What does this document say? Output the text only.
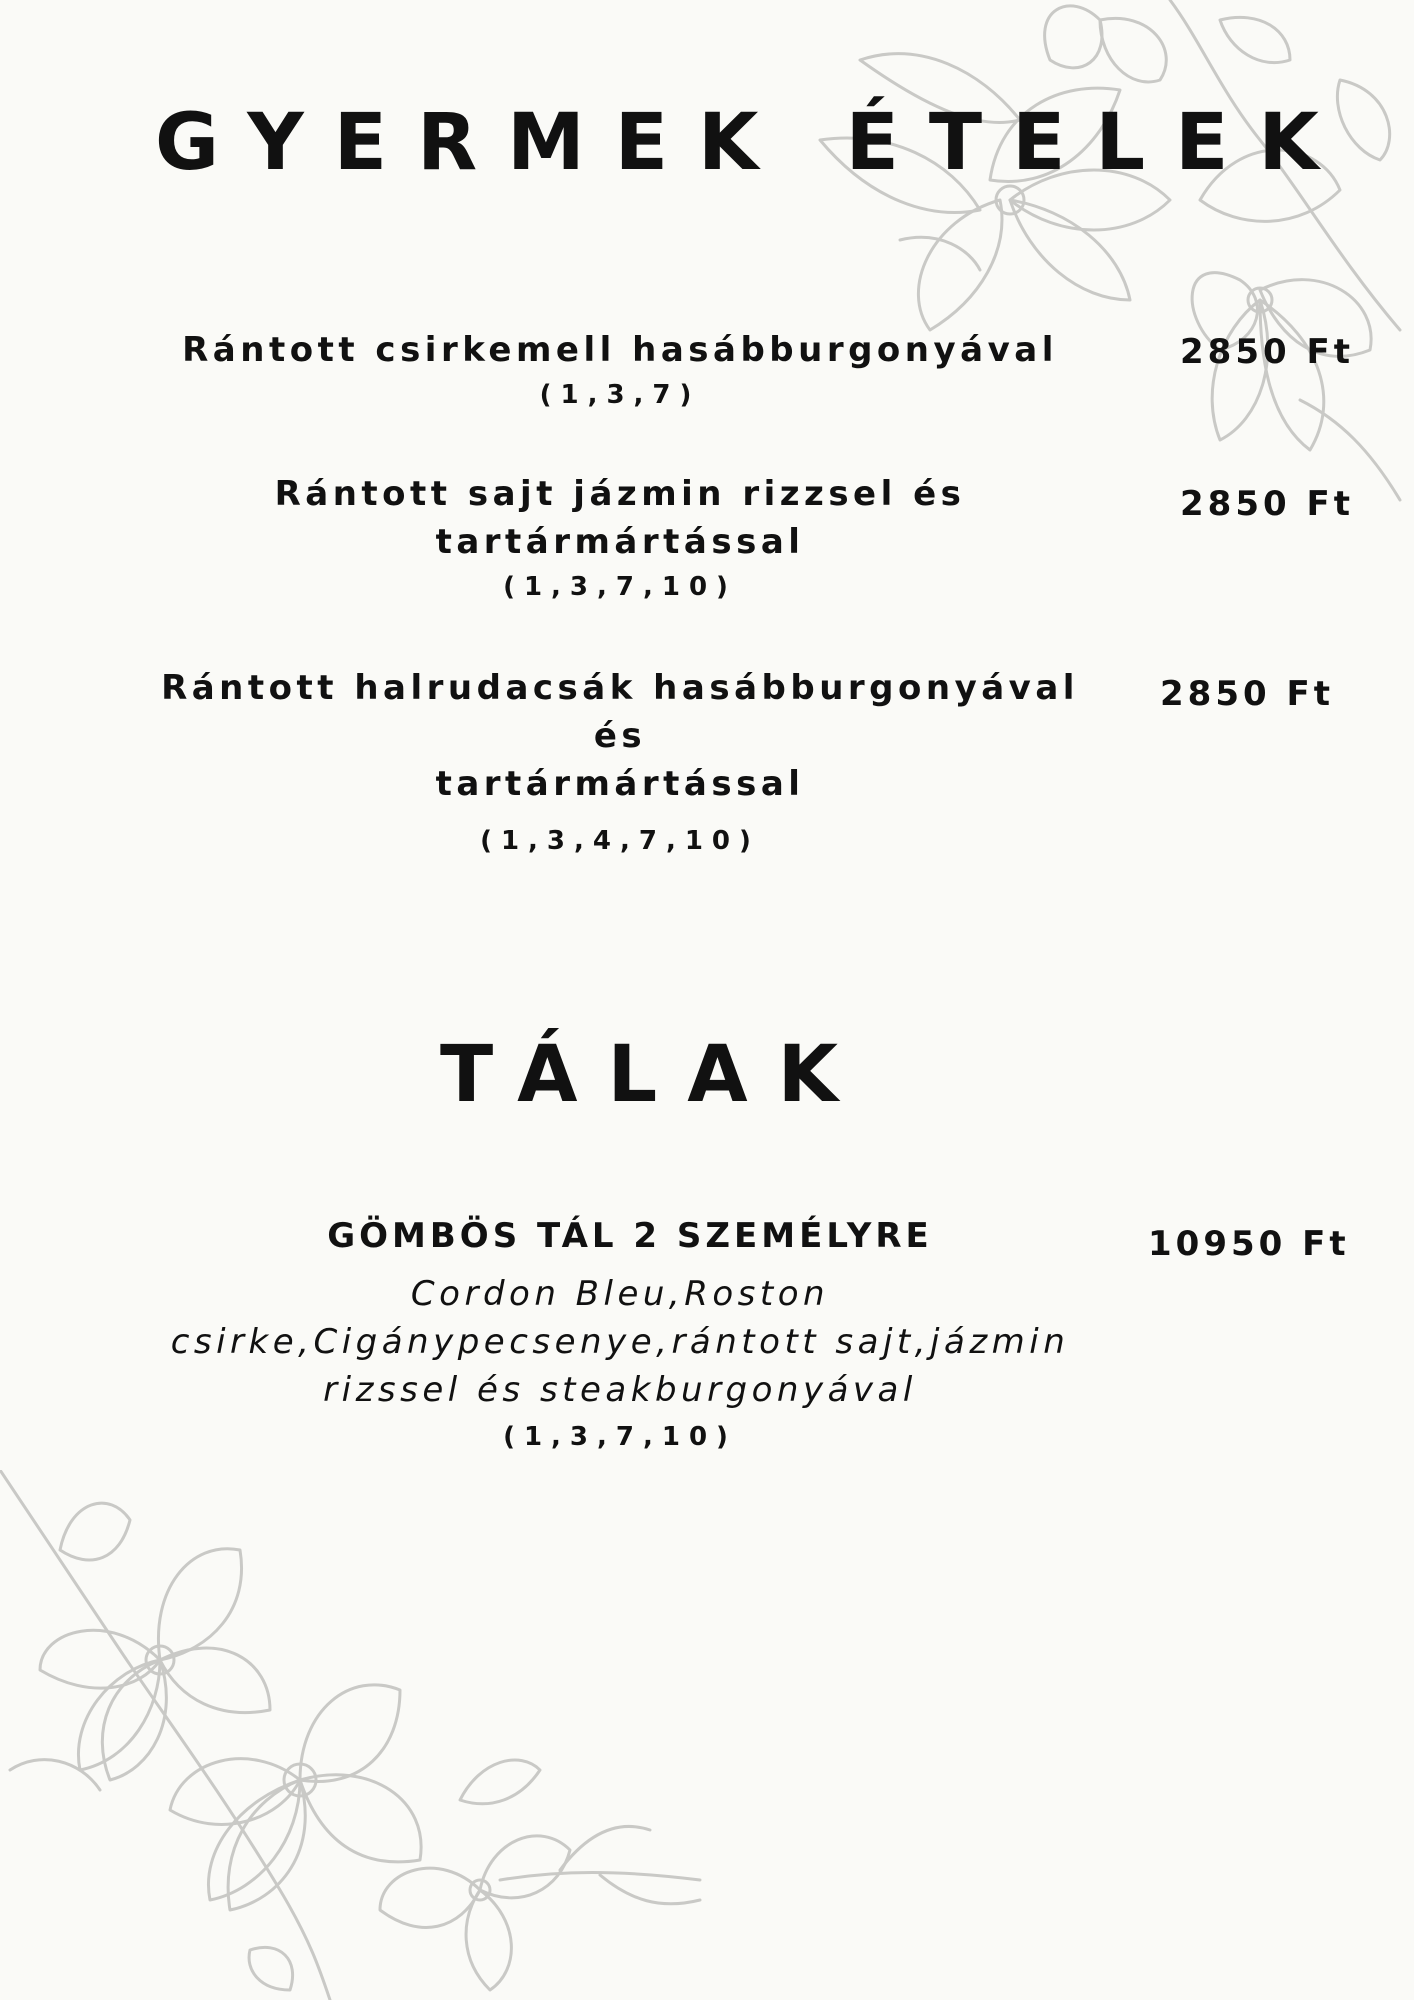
GYERMEK ÉTELEK
Rántott csirkemell hasábburgonyával
(1,3,7)
2850 Ft
Rántott sajt jázmin rizzsel és
tartármártással
(1,3,7,10)
2850 Ft
Rántott halrudacsák hasábburgonyával
és
tartármártással
(1,3,4,7,10)
2850 Ft
TÁLAK
GÖMBÖS TÁL 2 SZEMÉLYRE
Cordon Bleu,Roston
csirke,Cigánypecsenye,rántott sajt,jázmin
rizssel és steakburgonyával
(1,3,7,10)
10950 Ft
